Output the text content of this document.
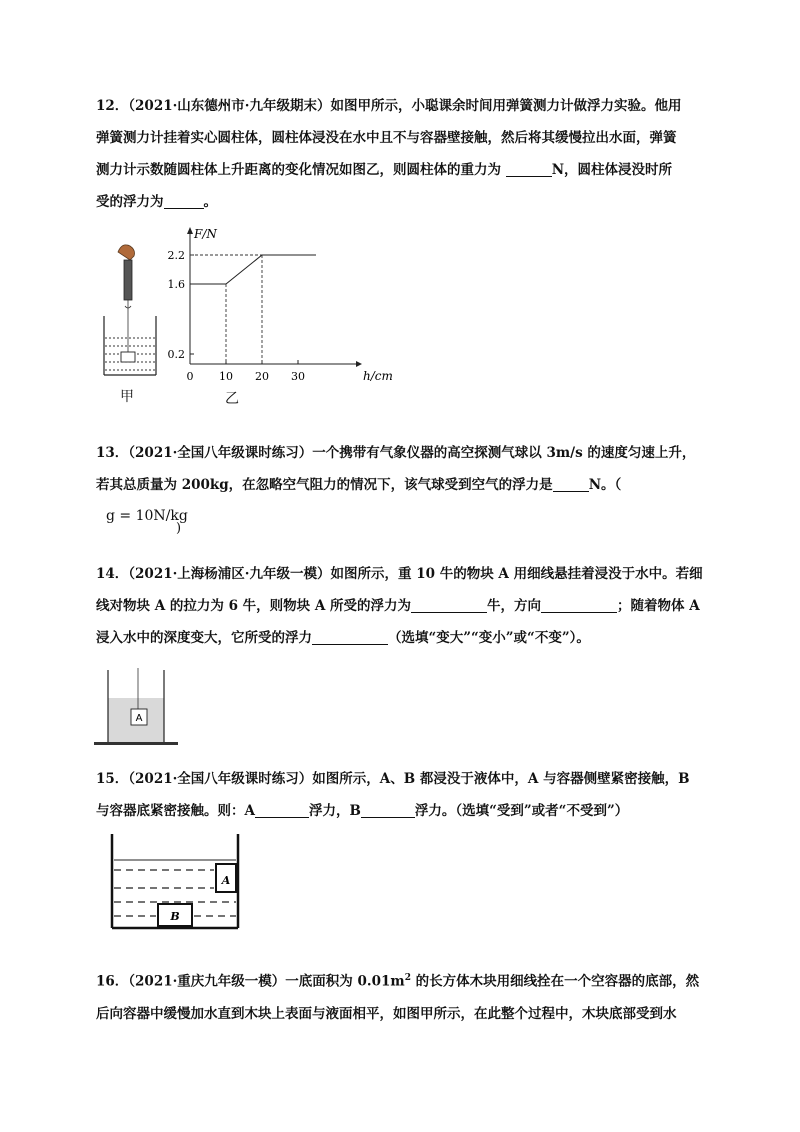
12．（2021·山东德州市·九年级期末）如图甲所示，小聪课余时间用弹簧测力计做浮力实验。他用

弹簧测力计挂着实心圆柱体，圆柱体浸没在水中且不与容器壁接触，然后将其缓慢拉出水面，弹簧

测力计示数随圆柱体上升距离的变化情况如图乙，则圆柱体的重力为	N，圆柱体浸没时所

受的浮力为	。

甲
F/N
h/cm
2.2
1.6
0.2
0 10 20 30
乙

13．（2021·全国八年级课时练习）一个携带有气象仪器的高空探测气球以 3m/s 的速度匀速上升，

若其总质量为 200kg，在忽略空气阻力的情况下，该气球受到空气的浮力是	N。（

g = 10N/kg
)

14．（2021·上海杨浦区·九年级一模）如图所示，重 10 牛的物块 A 用细线悬挂着浸没于水中。若细

线对物块 A 的拉力为 6 牛，则物块 A 所受的浮力为	牛，方向	；随着物体 A

浸入水中的深度变大，它所受的浮力	（选填“变大”“变小”或“不变”）。

A

15．（2021·全国八年级课时练习）如图所示，A、B 都浸没于液体中，A 与容器侧壁紧密接触，B

与容器底紧密接触。则：A	浮力，B	浮力。（选填“受到”或者“不受到”）

A
B

16．（2021·重庆九年级一模）一底面积为 $0.01m^2$ 的长方体木块用细线拴在一个空容器的底部，然

后向容器中缓慢加水直到木块上表面与液面相平，如图甲所示，在此整个过程中，木块底部受到水
